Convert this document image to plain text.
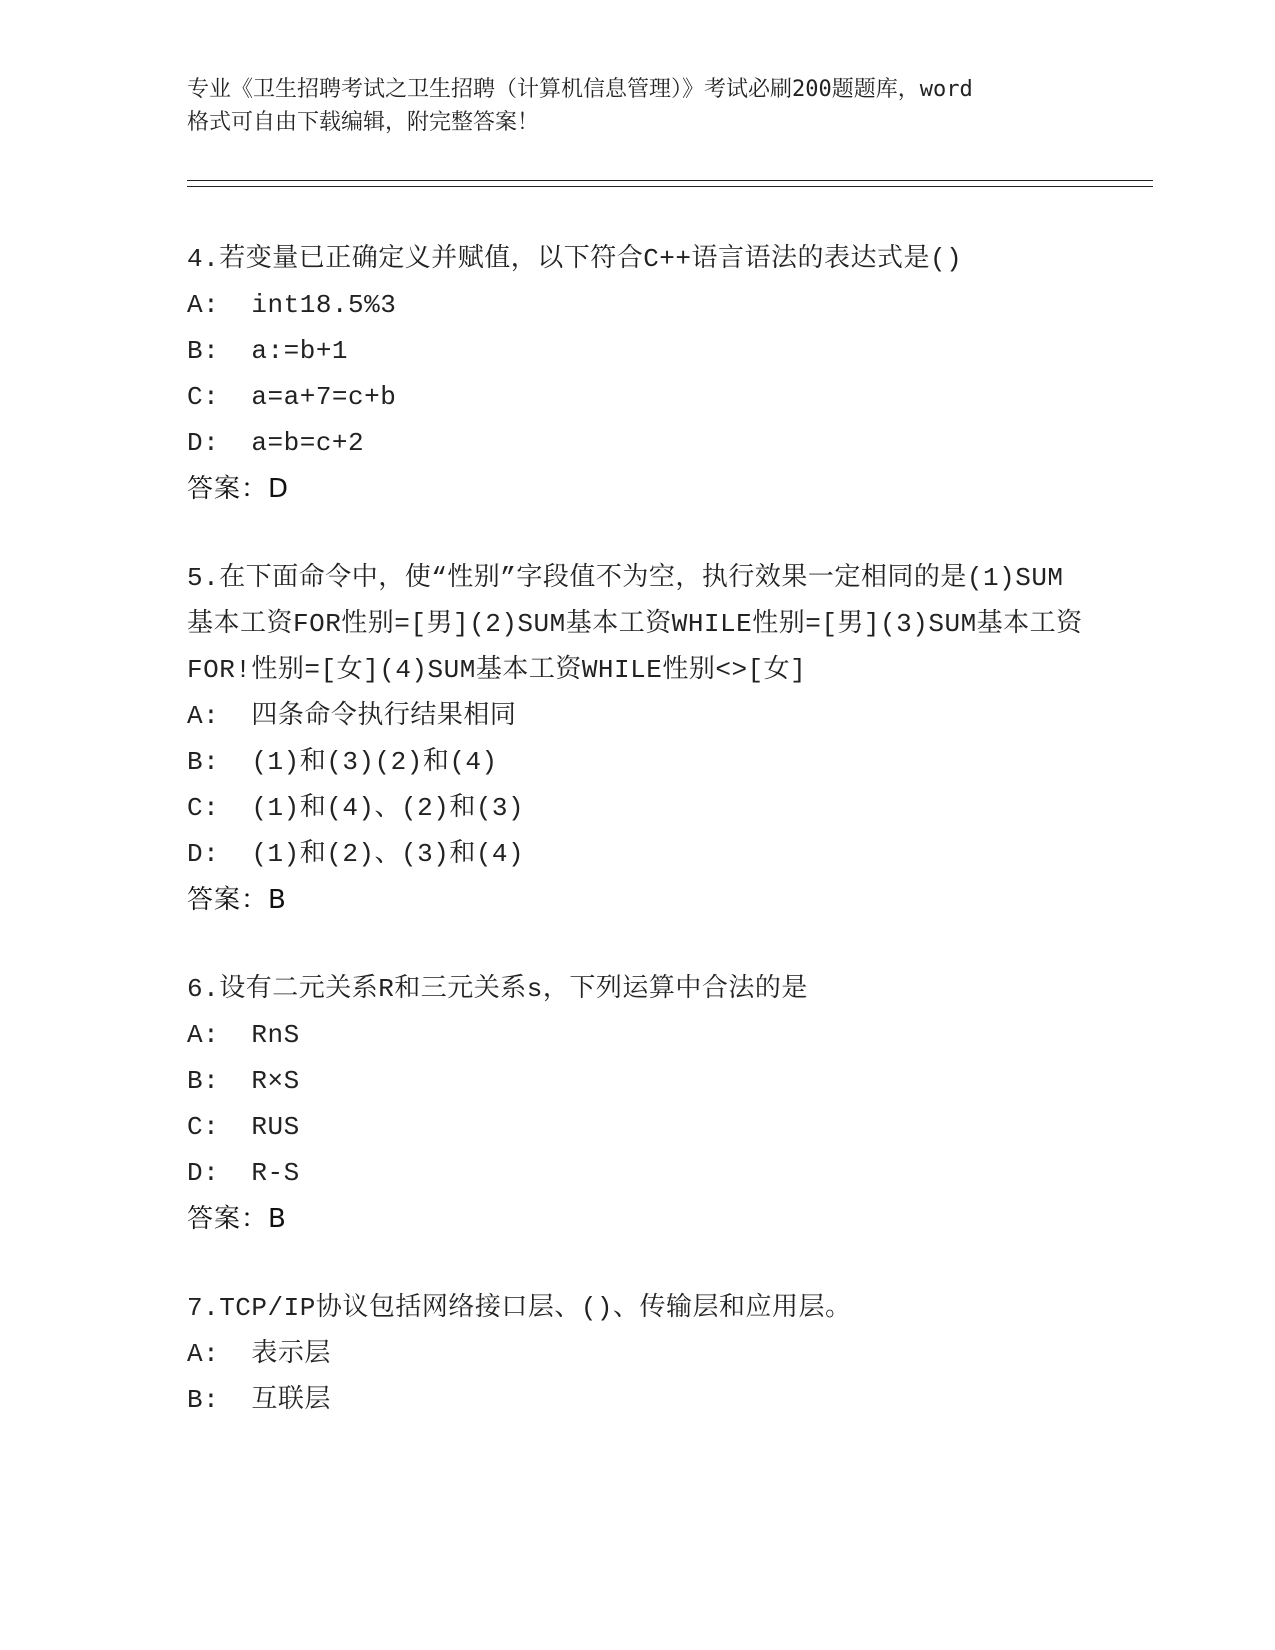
专业《卫生招聘考试之卫生招聘（计算机信息管理）》考试必刷200题题库，word
格式可自由下载编辑，附完整答案！
4.若变量已正确定义并赋值，以下符合C++语言语法的表达式是()
A:  int18.5%3
B:  a:=b+1
C:  a=a+7=c+b
D:  a=b=c+2
答案：D
5.在下面命令中，使“性别”字段值不为空，执行效果一定相同的是(1)SUM基本工资FOR性别=[男](2)SUM基本工资WHILE性别=[男](3)SUM基本工资FOR!性别=[女](4)SUM基本工资WHILE性别<>[女]
A:  四条命令执行结果相同
B:  (1)和(3)(2)和(4)
C:  (1)和(4)、(2)和(3)
D:  (1)和(2)、(3)和(4)
答案：B
6.设有二元关系R和三元关系s，下列运算中合法的是
A:  RnS
B:  R×S
C:  RUS
D:  R-S
答案：B
7.TCP/IP协议包括网络接口层、()、传输层和应用层。
A:  表示层
B:  互联层
